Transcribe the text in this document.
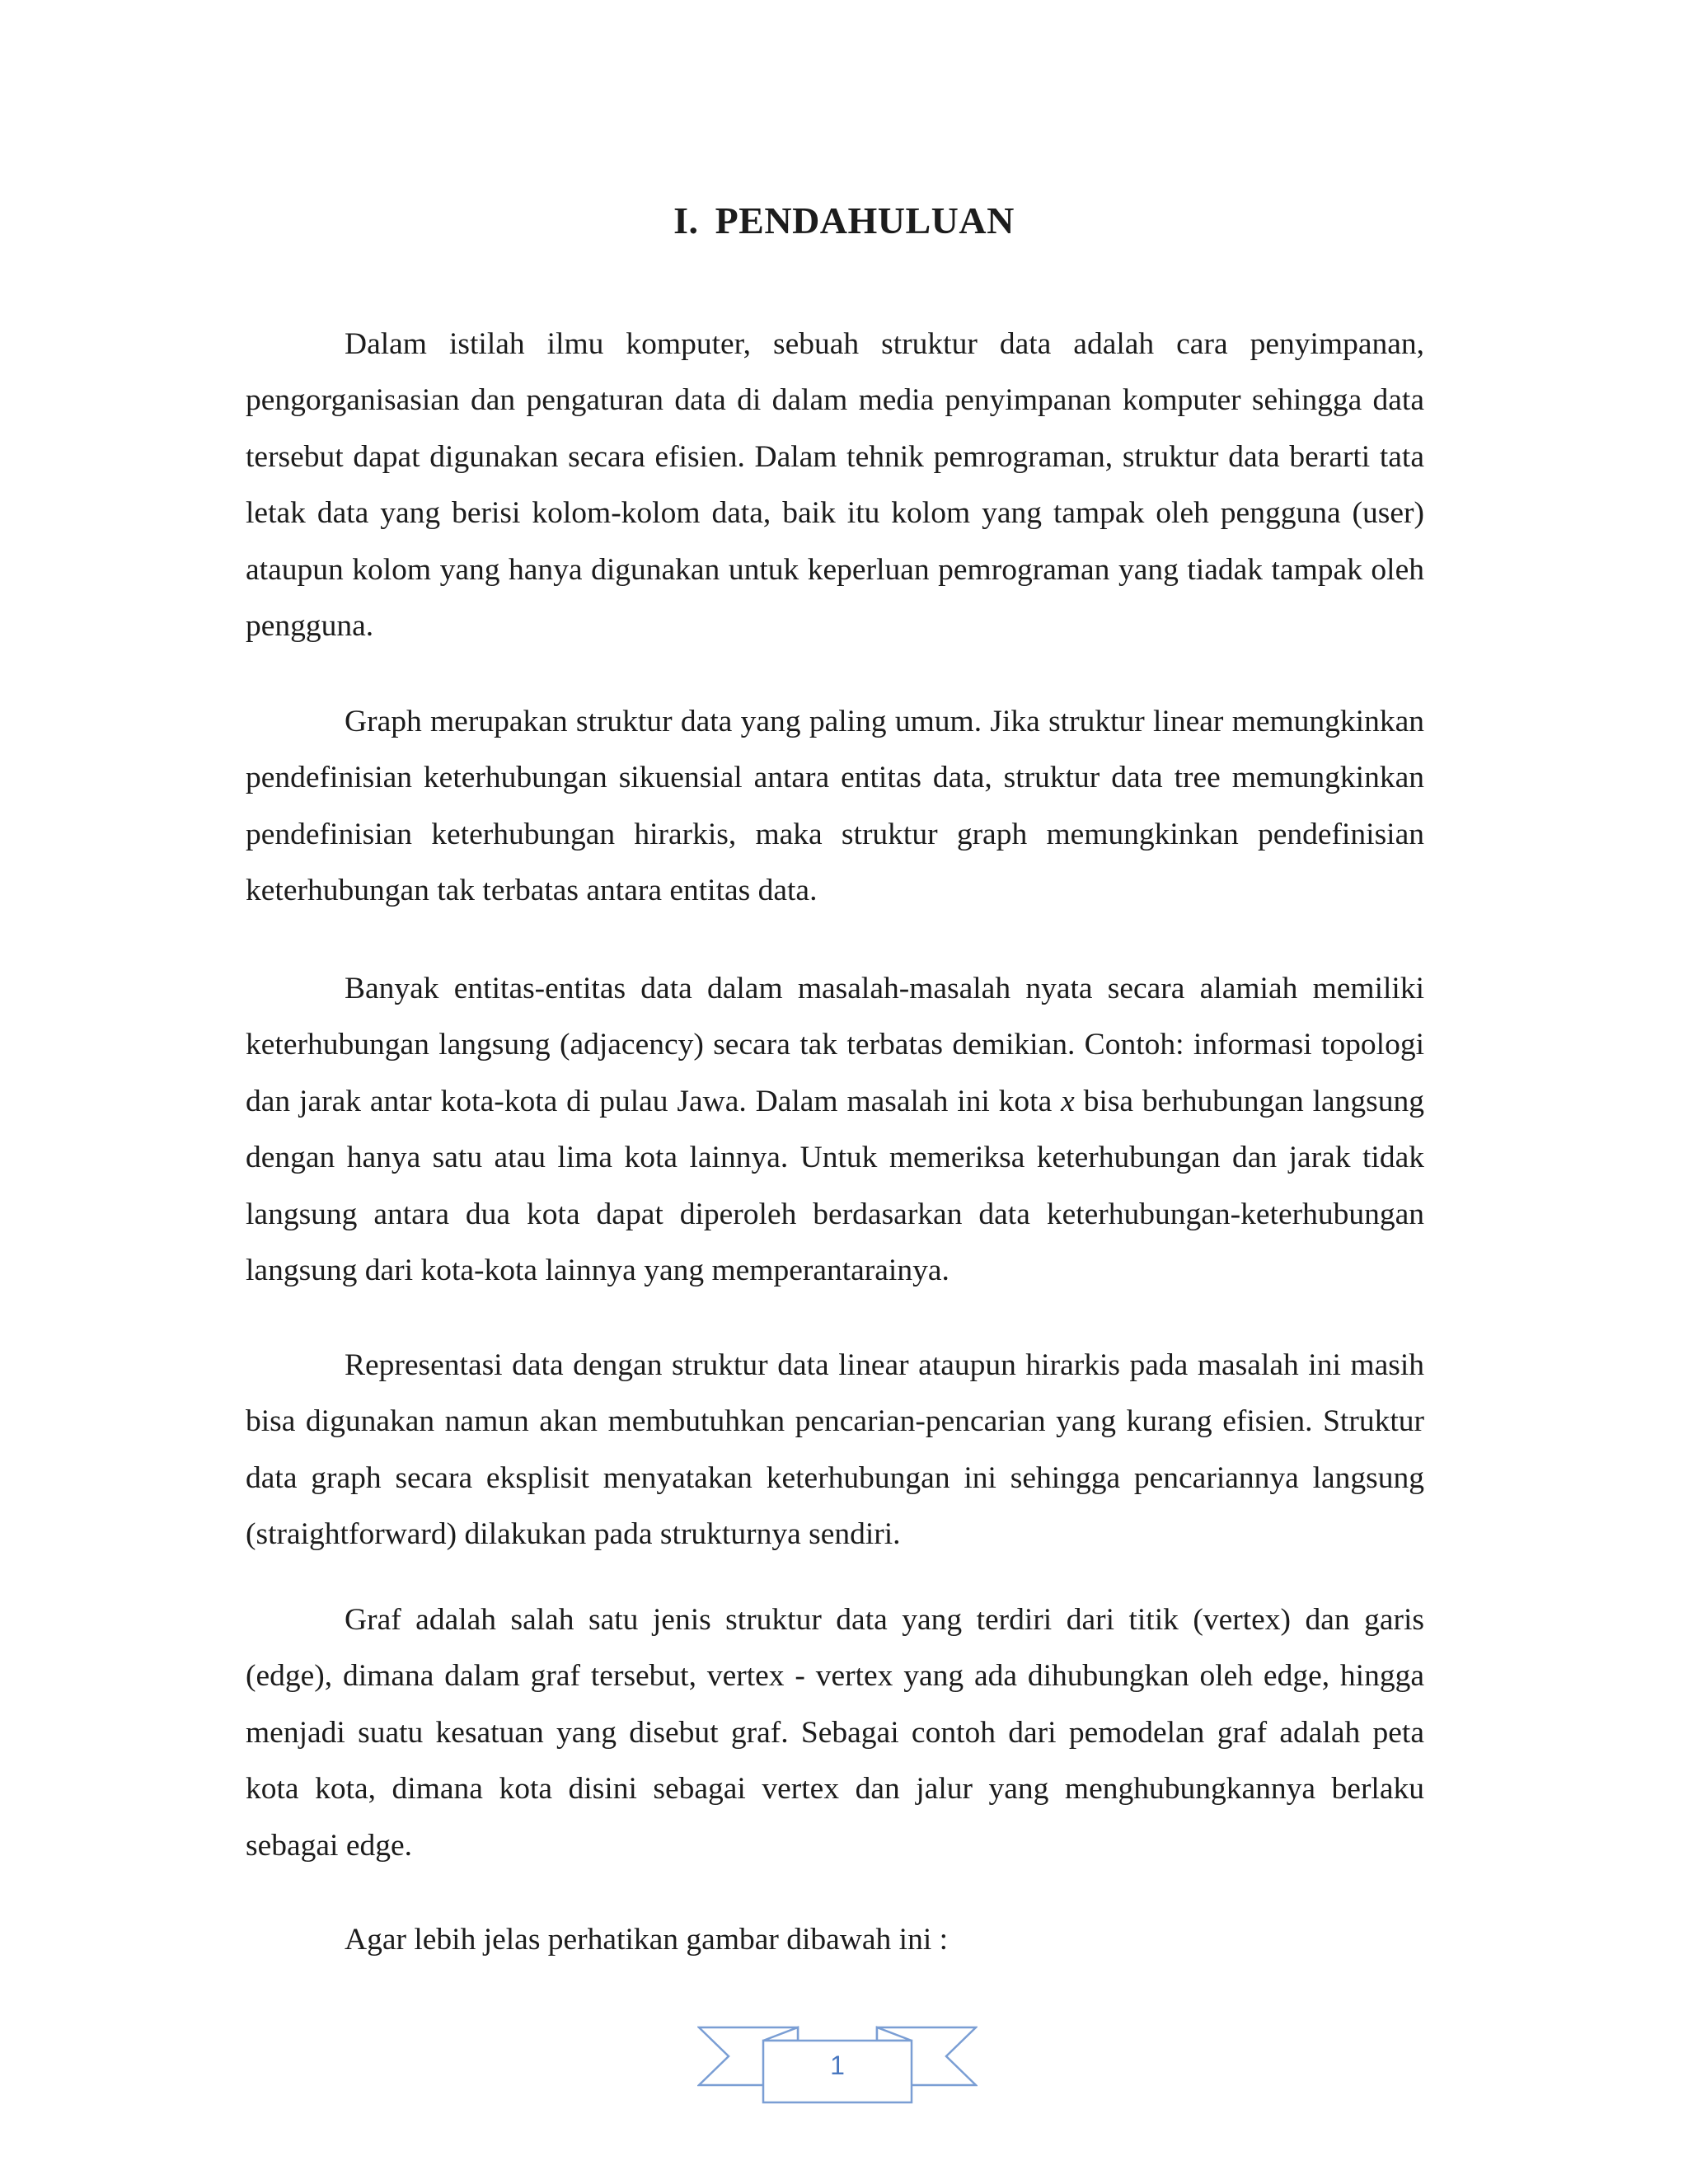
I. PENDAHULUAN

Dalam istilah ilmu komputer, sebuah struktur data adalah cara penyimpanan, pengorganisasian dan pengaturan data di dalam media penyimpanan komputer sehingga data tersebut dapat digunakan secara efisien. Dalam tehnik pemrograman, struktur data berarti tata letak data yang berisi kolom-kolom data, baik itu kolom yang tampak oleh pengguna (user) ataupun kolom yang hanya digunakan untuk keperluan pemrograman yang tiadak tampak oleh pengguna.

Graph merupakan struktur data yang paling umum. Jika struktur linear memungkinkan pendefinisian keterhubungan sikuensial antara entitas data, struktur data tree memungkinkan pendefinisian keterhubungan hirarkis, maka struktur graph memungkinkan pendefinisian keterhubungan tak terbatas antara entitas data.

Banyak entitas-entitas data dalam masalah-masalah nyata secara alamiah memiliki keterhubungan langsung (adjacency) secara tak terbatas demikian. Contoh: informasi topologi dan jarak antar kota-kota di pulau Jawa. Dalam masalah ini kota x bisa berhubungan langsung dengan hanya satu atau lima kota lainnya. Untuk memeriksa keterhubungan dan jarak tidak langsung antara dua kota dapat diperoleh berdasarkan data keterhubungan-keterhubungan langsung dari kota-kota lainnya yang memperantarainya.

Representasi data dengan struktur data linear ataupun hirarkis pada masalah ini masih bisa digunakan namun akan membutuhkan pencarian-pencarian yang kurang efisien. Struktur data graph secara eksplisit menyatakan keterhubungan ini sehingga pencariannya langsung (straightforward) dilakukan pada strukturnya sendiri.

Graf adalah salah satu jenis struktur data yang terdiri dari titik (vertex) dan garis (edge), dimana dalam graf tersebut, vertex - vertex yang ada dihubungkan oleh edge, hingga menjadi suatu kesatuan yang disebut graf. Sebagai contoh dari pemodelan graf adalah peta kota kota, dimana kota disini sebagai vertex dan jalur yang menghubungkannya berlaku sebagai edge.

Agar lebih jelas perhatikan gambar dibawah ini :

1
